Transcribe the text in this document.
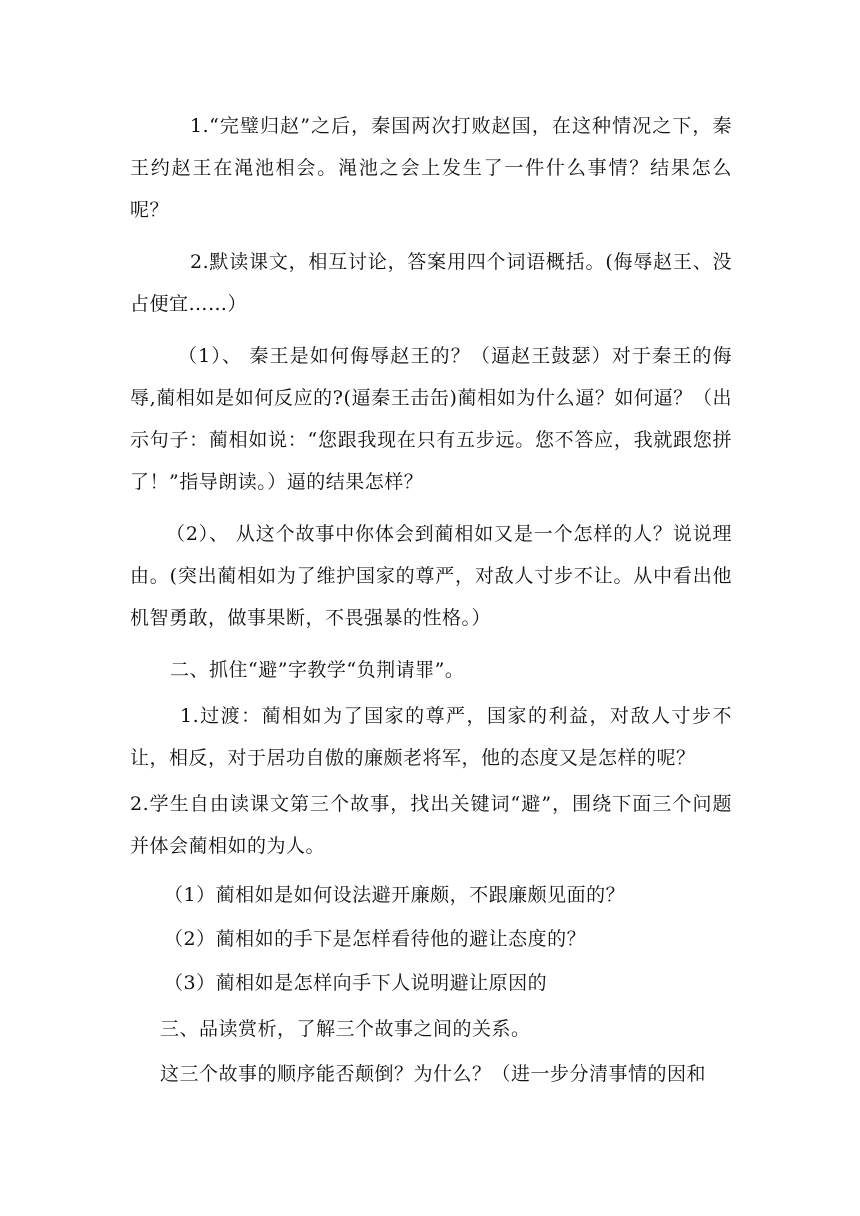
1.“完璧归赵”之后，秦国两次打败赵国，在这种情况之下，秦王约赵王在渑池相会。渑池之会上发生了一件什么事情？结果怎么呢？

2.默读课文，相互讨论，答案用四个词语概括。(侮辱赵王、没占便宜……）

（1）、 秦王是如何侮辱赵王的？（逼赵王鼓瑟）对于秦王的侮辱,蔺相如是如何反应的?(逼秦王击缶)蔺相如为什么逼？如何逼？（出示句子：蔺相如说：“您跟我现在只有五步远。您不答应，我就跟您拼了！”指导朗读。）逼的结果怎样？

（2）、 从这个故事中你体会到蔺相如又是一个怎样的人？说说理由。(突出蔺相如为了维护国家的尊严，对敌人寸步不让。从中看出他机智勇敢，做事果断，不畏强暴的性格。）

二、抓住“避”字教学“负荆请罪”。

1.过渡：蔺相如为了国家的尊严，国家的利益，对敌人寸步不让，相反，对于居功自傲的廉颇老将军，他的态度又是怎样的呢？

2.学生自由读课文第三个故事，找出关键词“避”，围绕下面三个问题并体会蔺相如的为人。

（1）蔺相如是如何设法避开廉颇，不跟廉颇见面的？

（2）蔺相如的手下是怎样看待他的避让态度的？

（3）蔺相如是怎样向手下人说明避让原因的

三、品读赏析，了解三个故事之间的关系。

这三个故事的顺序能否颠倒？为什么？（进一步分清事情的因和
